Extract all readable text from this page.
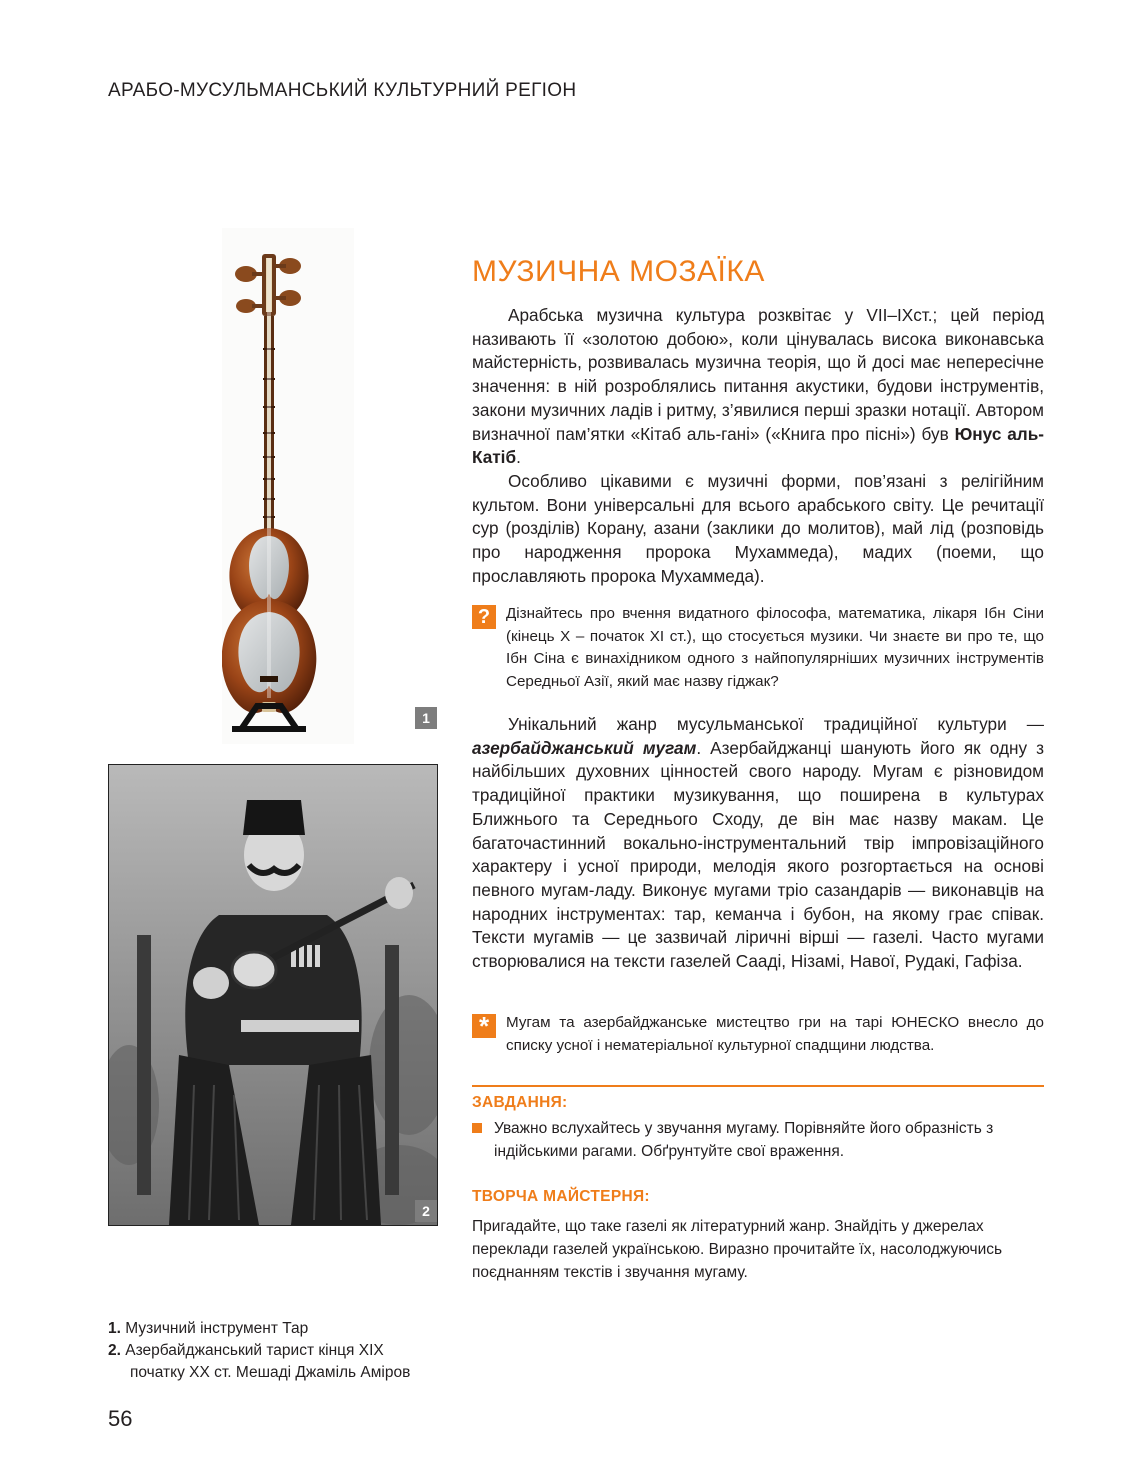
АРАБО-МУСУЛЬМАНСЬКИЙ КУЛЬТУРНИЙ РЕГІОН
1
2
1. Музичний інструмент Тар
2. Азербайджанський тарист кінця XIX
початку XX ст. Мешаді Джаміль Аміров
56
МУЗИЧНА МОЗАЇКА

Арабська музична культура розквітає у VII–IXст.; цей період називають її «золотою добою», коли цінувалась висока виконавська майстерність, розвивалась музична теорія, що й досі має непересічне значення: в ній розроблялись питання акустики, будови інструментів, закони музичних ладів і ритму, з’явилися перші зразки нотації. Автором визначної пам’ятки «Кітаб аль-гані» («Книга про пісні») був Юнус аль-Катіб.

Особливо цікавими є музичні форми, пов’язані з релігійним культом. Вони універсальні для всього арабського світу. Це речитації сур (розділів) Корану, азани (заклики до молитов), май лід (розповідь про народження пророка Мухаммеда), мадих (поеми, що прославляють пророка Мухаммеда).

?	Дізнайтесь про вчення видатного філософа, математика, лікаря Ібн Сіни (кінець X – початок XI ст.), що стосується музики. Чи знаєте ви про те, що Ібн Сіна є винахідником одного з найпопулярніших музичних інструментів Середньої Азії, який має назву гіджак?

Унікальний жанр мусульманської традиційної культури — азербайджанський мугам. Азербайджанці шанують його як одну з найбільших духовних цінностей свого народу. Мугам є різновидом традиційної практики музикування, що поширена в культурах Ближнього та Середнього Сходу, де він має назву макам. Це багаточастинний вокально-інструментальний твір імпровізаційного характеру і усної природи, мелодія якого розгортається на основі певного мугам-ладу. Виконує мугами тріо сазандарів — виконавців на народних інструментах: тар, кеманча і бубон, на якому грає співак. Тексти мугамів — це зазвичай ліричні вірші — газелі. Часто мугами створювалися на тексти газелей Сааді, Нізамі, Навої, Рудакі, Гафіза.

*	Мугам та азербайджанське мистецтво гри на тарі ЮНЕСКО внесло до списку усної і нематеріальної культурної спадщини людства.
ЗАВДАННЯ:
Уважно вслухайтесь у звучання мугаму. Порівняйте його образність з індійськими рагами. Обґрунтуйте свої враження.
ТВОРЧА МАЙСТЕРНЯ:
Пригадайте, що таке газелі як літературний жанр. Знайдіть у джерелах переклади газелей українською. Виразно прочитайте їх, насолоджуючись поєднанням текстів і звучання мугаму.
